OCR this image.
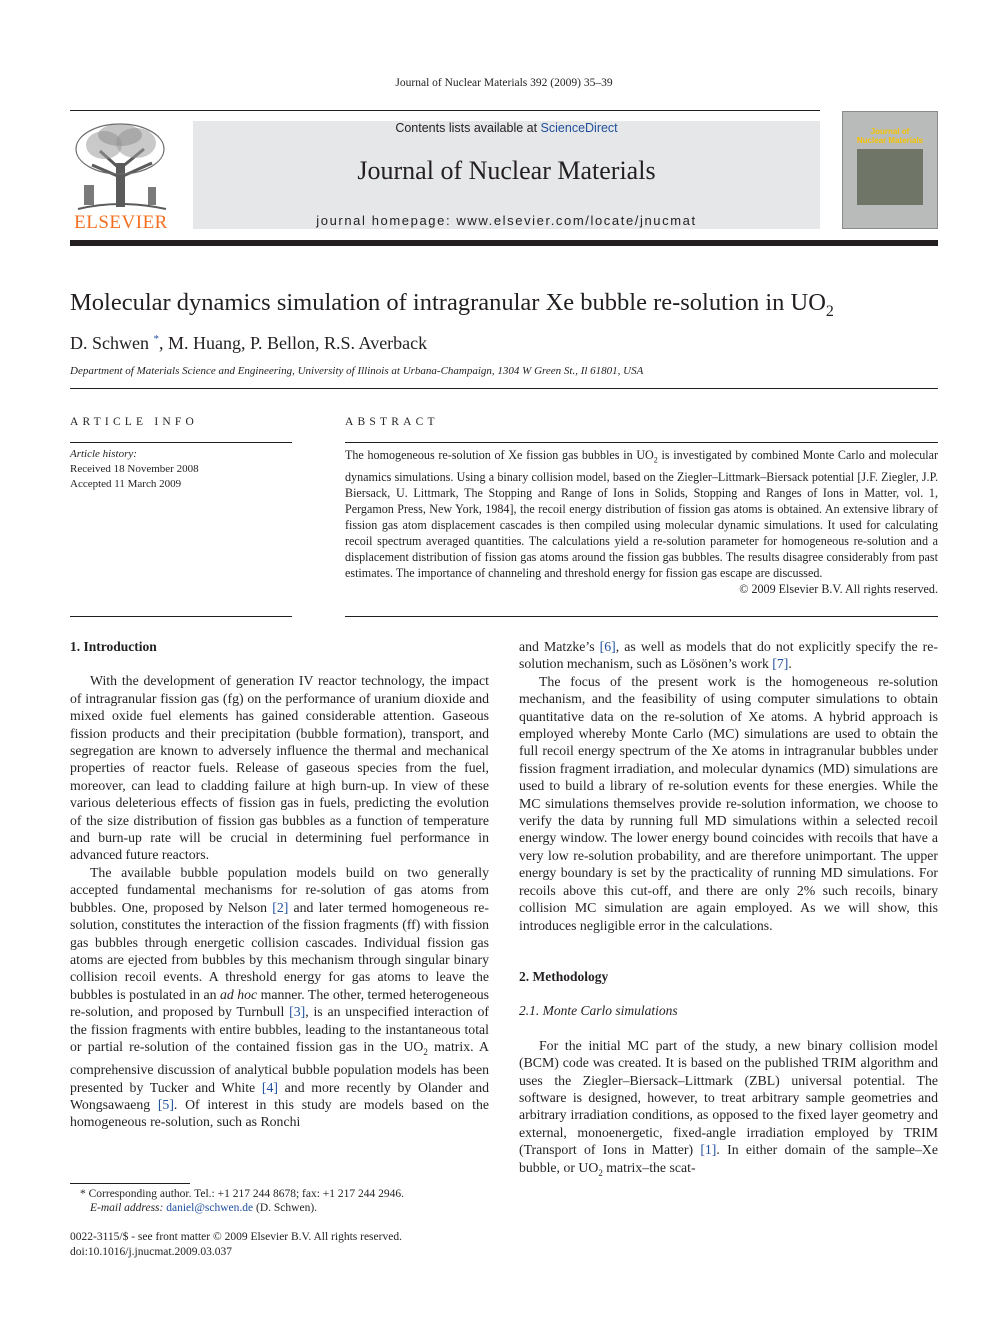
Journal of Nuclear Materials 392 (2009) 35–39
ELSEVIER
Contents lists available at ScienceDirect
Journal of Nuclear Materials
journal homepage: www.elsevier.com/locate/jnucmat
Journal of
Nuclear Materials
Molecular dynamics simulation of intragranular Xe bubble re-solution in $UO_2$
D. Schwen *, M. Huang, P. Bellon, R.S. Averback
Department of Materials Science and Engineering, University of Illinois at Urbana-Champaign, 1304 W Green St., Il 61801, USA
ARTICLE INFO	ABSTRACT
Article history:
Received 18 November 2008
Accepted 11 March 2009
The homogeneous re-solution of Xe fission gas bubbles in $UO_2$ is investigated by combined Monte Carlo and molecular dynamics simulations. Using a binary collision model, based on the Ziegler–Littmark–Biersack potential [J.F. Ziegler, J.P. Biersack, U. Littmark, The Stopping and Range of Ions in Solids, Stopping and Ranges of Ions in Matter, vol. 1, Pergamon Press, New York, 1984], the recoil energy distribution of fission gas atoms is obtained. An extensive library of fission gas atom displacement cascades is then compiled using molecular dynamic simulations. It used for calculating recoil spectrum averaged quantities. The calculations yield a re-solution parameter for homogeneous re-solution and a displacement distribution of fission gas atoms around the fission gas bubbles. The results disagree considerably from past estimates. The importance of channeling and threshold energy for fission gas escape are discussed.
© 2009 Elsevier B.V. All rights reserved.

1. Introduction

With the development of generation IV reactor technology, the impact of intragranular fission gas (fg) on the performance of uranium dioxide and mixed oxide fuel elements has gained considerable attention. Gaseous fission products and their precipitation (bubble formation), transport, and segregation are known to adversely influence the thermal and mechanical properties of reactor fuels. Release of gaseous species from the fuel, moreover, can lead to cladding failure at high burn-up. In view of these various deleterious effects of fission gas in fuels, predicting the evolution of the size distribution of fission gas bubbles as a function of temperature and burn-up rate will be crucial in determining fuel performance in advanced future reactors.

The available bubble population models build on two generally accepted fundamental mechanisms for re-solution of gas atoms from bubbles. One, proposed by Nelson [2] and later termed homogeneous re-solution, constitutes the interaction of the fission fragments (ff) with fission gas bubbles through energetic collision cascades. Individual fission gas atoms are ejected from bubbles by this mechanism through singular binary collision recoil events. A threshold energy for gas atoms to leave the bubbles is postulated in an ad hoc manner. The other, termed heterogeneous re-solution, and proposed by Turnbull [3], is an unspecified interaction of the fission fragments with entire bubbles, leading to the instantaneous total or partial re-solution of the contained fission gas in the $UO_2$ matrix. A comprehensive discussion of analytical bubble population models has been presented by Tucker and White [4] and more recently by Olander and Wongsawaeng [5]. Of interest in this study are models based on the homogeneous re-solution, such as Ronchi

and Matzke’s [6], as well as models that do not explicitly specify the re-solution mechanism, such as Lösönen’s work [7].

The focus of the present work is the homogeneous re-solution mechanism, and the feasibility of using computer simulations to obtain quantitative data on the re-solution of Xe atoms. A hybrid approach is employed whereby Monte Carlo (MC) simulations are used to obtain the full recoil energy spectrum of the Xe atoms in intragranular bubbles under fission fragment irradiation, and molecular dynamics (MD) simulations are used to build a library of re-solution events for these energies. While the MC simulations themselves provide re-solution information, we choose to verify the data by running full MD simulations within a selected recoil energy window. The lower energy bound coincides with recoils that have a very low re-solution probability, and are therefore unimportant. The upper energy boundary is set by the practicality of running MD simulations. For recoils above this cut-off, and there are only 2% such recoils, binary collision MC simulation are again employed. As we will show, this introduces negligible error in the calculations.

2. Methodology

2.1. Monte Carlo simulations

For the initial MC part of the study, a new binary collision model (BCM) code was created. It is based on the published TRIM algorithm and uses the Ziegler–Biersack–Littmark (ZBL) universal potential. The software is designed, however, to treat arbitrary sample geometries and arbitrary irradiation conditions, as opposed to the fixed layer geometry and external, monoenergetic, fixed-angle irradiation employed by TRIM (Transport of Ions in Matter) [1]. In either domain of the sample–Xe bubble, or $UO_2$ matrix–the scat-

* Corresponding author. Tel.: +1 217 244 8678; fax: +1 217 244 2946.
E-mail address: daniel@schwen.de (D. Schwen).
0022-3115/$ - see front matter © 2009 Elsevier B.V. All rights reserved.
doi:10.1016/j.jnucmat.2009.03.037
